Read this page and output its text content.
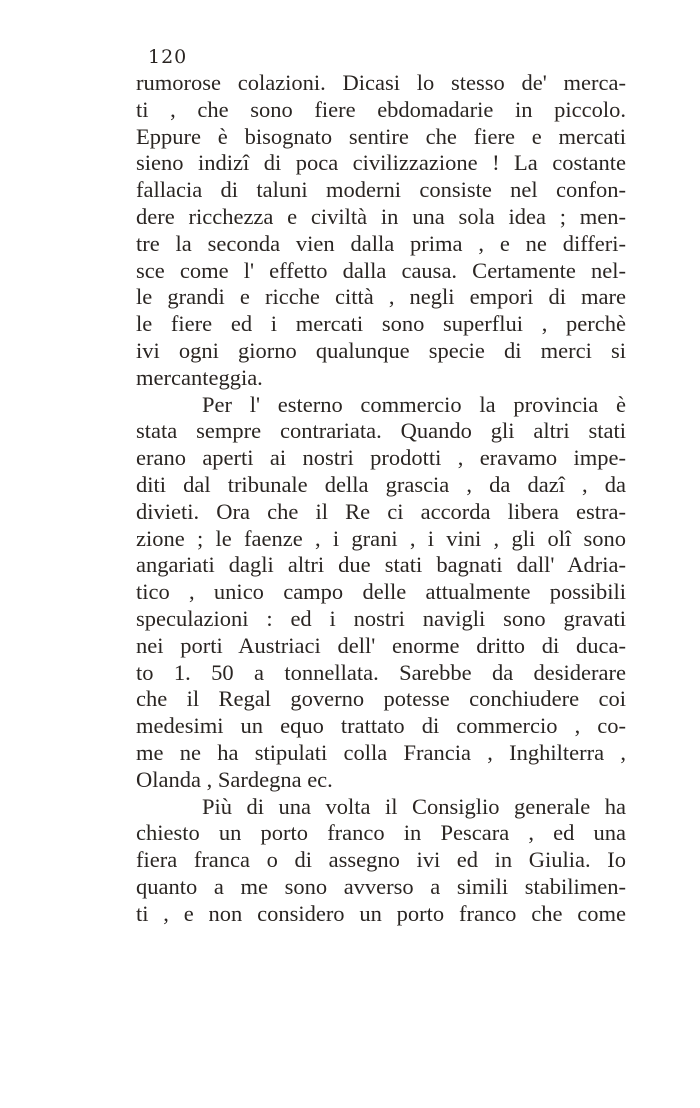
120
rumorose colazioni. Dicasi lo stesso de' merca-
ti , che sono fiere ebdomadarie in piccolo.
Eppure è bisognato sentire che fiere e mercati
sieno indizî di poca civilizzazione ! La costante
fallacia di taluni moderni consiste nel confon-
dere ricchezza e civiltà in una sola idea ; men-
tre la seconda vien dalla prima , e ne differi-
sce come l' effetto dalla causa. Certamente nel-
le grandi e ricche città , negli empori di mare
le fiere ed i mercati sono superflui , perchè
ivi ogni giorno qualunque specie di merci si
mercanteggia.
Per l' esterno commercio la provincia è
stata sempre contrariata. Quando gli altri stati
erano aperti ai nostri prodotti , eravamo impe-
diti dal tribunale della grascia , da dazî , da
divieti. Ora che il Re ci accorda libera estra-
zione ; le faenze , i grani , i vini , gli olî sono
angariati dagli altri due stati bagnati dall' Adria-
tico , unico campo delle attualmente possibili
speculazioni : ed i nostri navigli sono gravati
nei porti Austriaci dell' enorme dritto di duca-
to 1. 50 a tonnellata. Sarebbe da desiderare
che il Regal governo potesse conchiudere coi
medesimi un equo trattato di commercio , co-
me ne ha stipulati colla Francia , Inghilterra ,
Olanda , Sardegna ec.
Più di una volta il Consiglio generale ha
chiesto un porto franco in Pescara , ed una
fiera franca o di assegno ivi ed in Giulia. Io
quanto a me sono avverso a simili stabilimen-
ti , e non considero un porto franco che come
